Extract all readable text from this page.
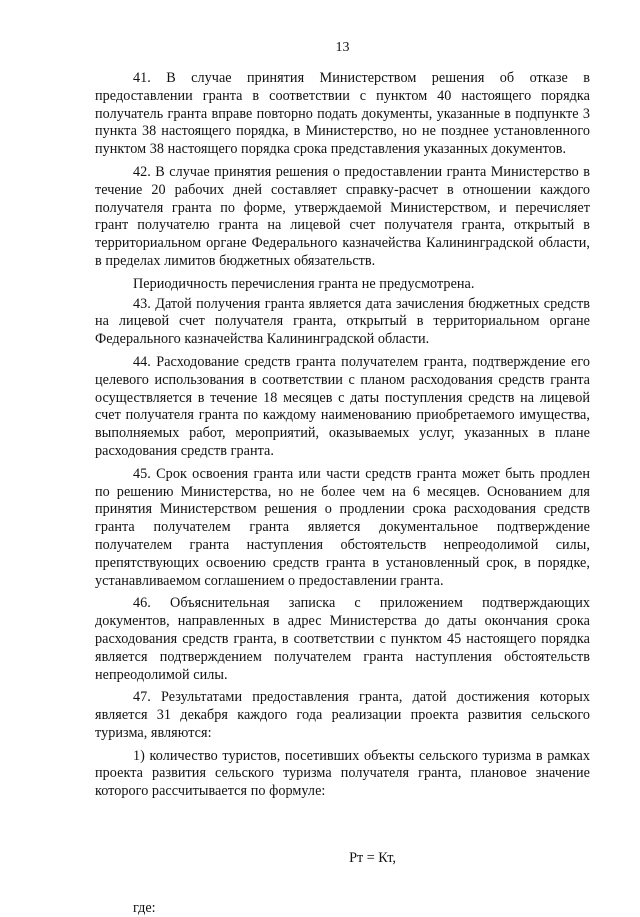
13

41. В случае принятия Министерством решения об отказе в предоставлении гранта в соответствии с пунктом 40 настоящего порядка получатель гранта вправе повторно подать документы, указанные в подпункте 3 пункта 38 настоящего порядка, в Министерство, но не позднее установленного пунктом 38 настоящего порядка срока представления указанных документов.

42. В случае принятия решения о предоставлении гранта Министерство в течение 20 рабочих дней составляет справку-расчет в отношении каждого получателя гранта по форме, утверждаемой Министерством, и перечисляет грант получателю гранта на лицевой счет получателя гранта, открытый в территориальном органе Федерального казначейства Калининградской области, в пределах лимитов бюджетных обязательств.

Периодичность перечисления гранта не предусмотрена.

43. Датой получения гранта является дата зачисления бюджетных средств на лицевой счет получателя гранта, открытый в территориальном органе Федерального казначейства Калининградской области.

44. Расходование средств гранта получателем гранта, подтверждение его целевого использования в соответствии с планом расходования средств гранта осуществляется в течение 18 месяцев с даты поступления средств на лицевой счет получателя гранта по каждому наименованию приобретаемого имущества, выполняемых работ, мероприятий, оказываемых услуг, указанных в плане расходования средств гранта.

45. Срок освоения гранта или части средств гранта может быть продлен по решению Министерства, но не более чем на 6 месяцев. Основанием для принятия Министерством решения о продлении срока расходования средств гранта получателем гранта является документальное подтверждение получателем гранта наступления обстоятельств непреодолимой силы, препятствующих освоению средств гранта в установленный срок, в порядке, устанавливаемом соглашением о предоставлении гранта.

46. Объяснительная записка с приложением подтверждающих документов, направленных в адрес Министерства до даты окончания срока расходования средств гранта, в соответствии с пунктом 45 настоящего порядка является подтверждением получателем гранта наступления обстоятельств непреодолимой силы.

47. Результатами предоставления гранта, датой достижения которых является 31 декабря каждого года реализации проекта развития сельского туризма, являются:

1) количество туристов, посетивших объекты сельского туризма в рамках проекта развития сельского туризма получателя гранта, плановое значение которого рассчитывается по формуле:

Рт = Кт,
где:
